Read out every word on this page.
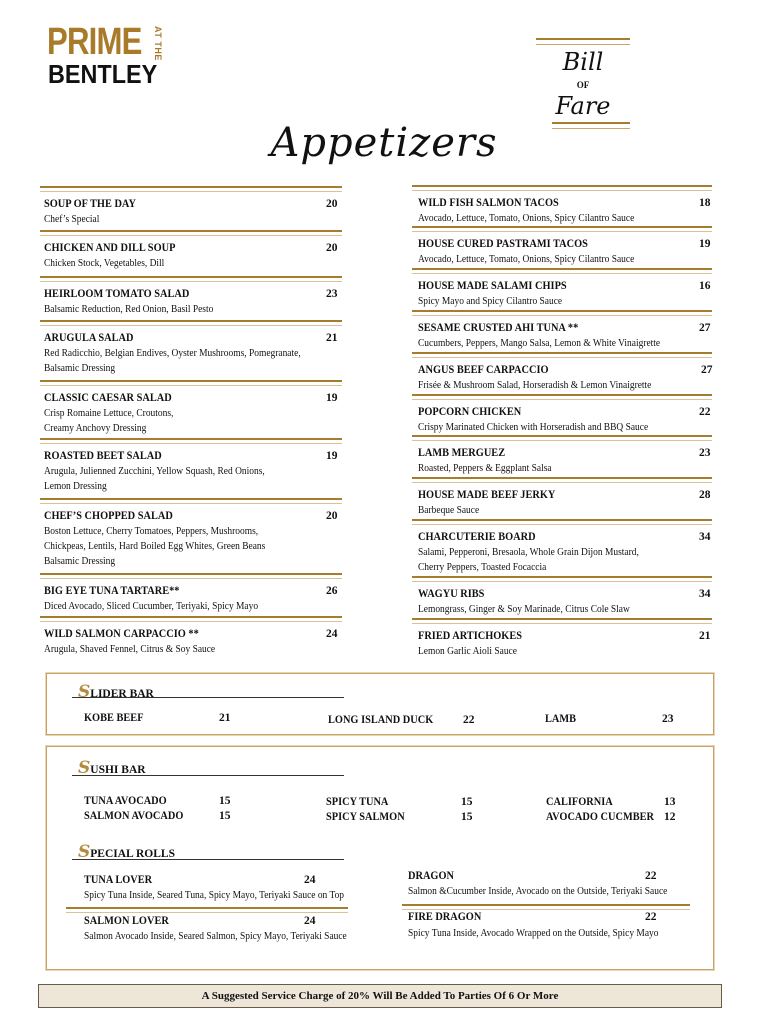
PRIME AT THE
BENTLEY	Bill
OF
Fare
Appetizers
SOUP OF THE DAY	20
Chef’s Special
CHICKEN AND DILL SOUP	20
Chicken Stock, Vegetables, Dill
HEIRLOOM TOMATO SALAD	23
Balsamic Reduction, Red Onion, Basil Pesto
ARUGULA SALAD	21
Red Radicchio, Belgian Endives, Oyster Mushrooms, Pomegranate,
Balsamic Dressing
CLASSIC CAESAR SALAD	19
Crisp Romaine Lettuce, Croutons,
Creamy Anchovy Dressing
ROASTED BEET SALAD	19
Arugula, Julienned Zucchini, Yellow Squash, Red Onions,
Lemon Dressing
CHEF’S CHOPPED SALAD	20
Boston Lettuce, Cherry Tomatoes, Peppers, Mushrooms,
Chickpeas, Lentils, Hard Boiled Egg Whites, Green Beans
Balsamic Dressing
BIG EYE TUNA TARTARE**	26
Diced Avocado, Sliced Cucumber, Teriyaki, Spicy Mayo
WILD SALMON CARPACCIO **	24
Arugula, Shaved Fennel, Citrus & Soy Sauce
WILD FISH SALMON TACOS	18
Avocado, Lettuce, Tomato, Onions, Spicy Cilantro Sauce
HOUSE CURED PASTRAMI TACOS	19
Avocado, Lettuce, Tomato, Onions, Spicy Cilantro Sauce
HOUSE MADE SALAMI CHIPS	16
Spicy Mayo and Spicy Cilantro Sauce
SESAME CRUSTED AHI TUNA **	27
Cucumbers, Peppers, Mango Salsa, Lemon & White Vinaigrette
ANGUS BEEF CARPACCIO	27
Frisée & Mushroom Salad, Horseradish & Lemon Vinaigrette
POPCORN CHICKEN	22
Crispy Marinated Chicken with Horseradish and BBQ Sauce
LAMB MERGUEZ	23
Roasted, Peppers & Eggplant Salsa
HOUSE MADE BEEF JERKY	28
Barbeque Sauce
CHARCUTERIE BOARD	34
Salami, Pepperoni, Bresaola, Whole Grain Dijon Mustard,
Cherry Peppers, Toasted Focaccia
WAGYU RIBS	34
Lemongrass, Ginger & Soy Marinade, Citrus Cole Slaw
FRIED ARTICHOKES	21
Lemon Garlic Aioli Sauce
SLIDER BAR
KOBE BEEF	21	LONG ISLAND DUCK	22	LAMB	23
SUSHI BAR
TUNA AVOCADO	15
SALMON AVOCADO	15
SPICY TUNA	15
SPICY SALMON	15
CALIFORNIA	13
AVOCADO CUCMBER 12
SPECIAL ROLLS
TUNA LOVER	24
Spicy Tuna Inside, Seared Tuna, Spicy Mayo, Teriyaki Sauce on Top
SALMON LOVER	24
Salmon Avocado Inside, Seared Salmon, Spicy Mayo, Teriyaki Sauce
DRAGON	22
Salmon &Cucumber Inside, Avocado on the Outside, Teriyaki Sauce
FIRE DRAGON	22
Spicy Tuna Inside, Avocado Wrapped on the Outside, Spicy Mayo
A Suggested Service Charge of 20% Will Be Added To Parties Of 6 Or More
